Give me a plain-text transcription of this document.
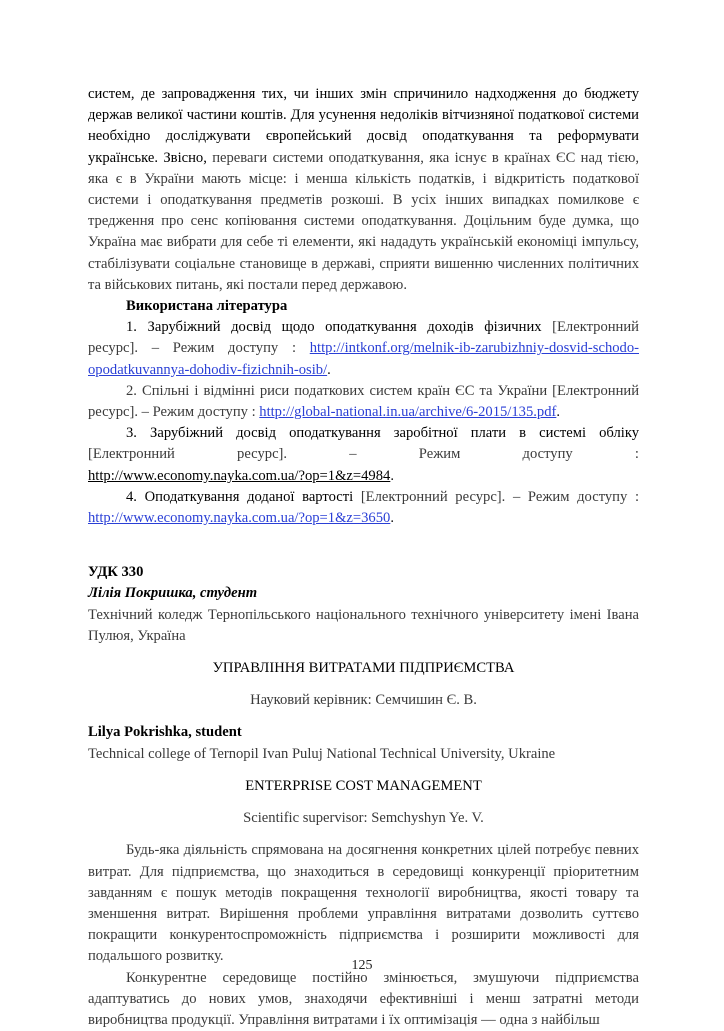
систем, де запровадження тих, чи інших змін спричинило надходження до бюджету держав великої частини коштів. Для усунення недоліків вітчизняної податкової системи необхідно досліджувати європейський досвід оподаткування та реформувати українське. Звісно, переваги системи оподаткування, яка існує в країнах ЄС над тією, яка є в України мають місце: і менша кількість податків, і відкритість податкової системи і оподаткування предметів розкоші. В усіх інших випадках помилкове є тредження про сенс копіювання системи оподаткування. Доцільним буде думка, що Україна має вибрати для себе ті елементи, які нададуть українській економіці імпульсу, стабілізувати соціальне становище в державі, сприяти вишенню численних політичних та військових питань, які постали перед державою.

Використана література

1. Зарубіжний досвід щодо оподаткування доходів фізичних [Електронний ресурс]. – Режим доступу : http://intkonf.org/melnik-ib-zarubizhniy-dosvid-schodo-opodatkuvannya-dohodiv-fizichnih-osib/.

2. Спільні і відмінні риси податкових систем країн ЄС та України [Електронний ресурс]. – Режим доступу : http://global-national.in.ua/archive/6-2015/135.pdf.

3. Зарубіжний досвід оподаткування заробітної плати в системі обліку [Електронний ресурс]. – Режим доступу :

http://www.economy.nayka.com.ua/?op=1&z=4984.

4. Оподаткування доданої вартості [Електронний ресурс]. – Режим доступу : http://www.economy.nayka.com.ua/?op=1&z=3650.

УДК 330

Лілія Покришка, студент

Технічний коледж Тернопільського національного технічного університету імені Івана Пулюя, Україна

УПРАВЛІННЯ ВИТРАТАМИ ПІДПРИЄМСТВА

Науковий керівник: Семчишин Є. В.

Lilya Pokrishka, student

Technical college of Ternopil Ivan Puluj National Technical University, Ukraine

ENTERPRISE COST MANAGEMENT

Scientific supervisor: Semchyshyn Ye. V.

Будь-яка діяльність спрямована на досягнення конкретних цілей потребує певних витрат. Для підприємства, що знаходиться в середовищі конкуренції пріоритетним завданням є пошук методів покращення технології виробництва, якості товару та зменшення витрат. Вирішення проблеми управління витратами дозволить суттєво покращити конкурентоспроможність підприємства і розширити можливості для подальшого розвитку.

Конкурентне середовище постійно змінюється, змушуючи підприємства адаптуватись до нових умов, знаходячи ефективніші і менш затратні методи виробництва продукції. Управління витратами і їх оптимізація — одна з найбільш

125
